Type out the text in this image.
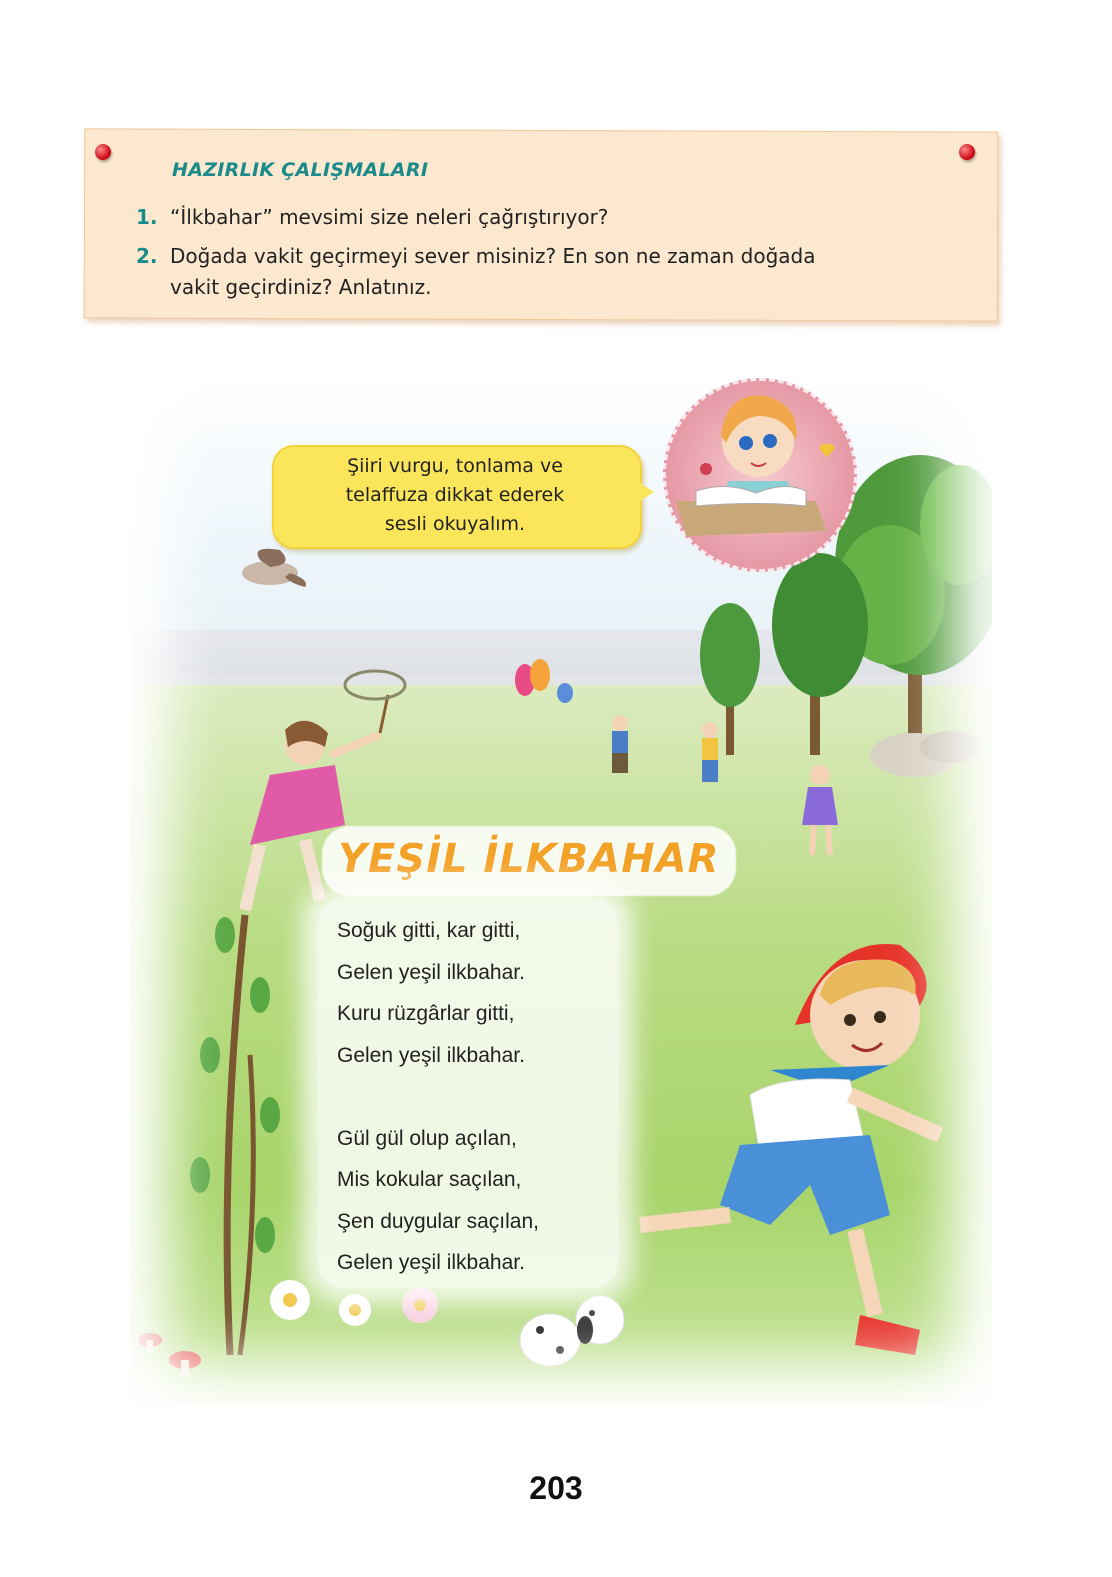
HAZIRLIK ÇALIŞMALARI
1. “İlkbahar” mevsimi size neleri çağrıştırıyor?
2. Doğada vakit geçirmeyi sever misiniz? En son ne zaman doğada
vakit geçirdiniz? Anlatınız.
Şiiri vurgu, tonlama ve
telaffuza dikkat ederek
sesli okuyalım.
YEŞİL İLKBAHAR
Soğuk gitti, kar gitti,
Gelen yeşil ilkbahar.
Kuru rüzgârlar gitti,
Gelen yeşil ilkbahar.
Gül gül olup açılan,
Mis kokular saçılan,
Şen duygular saçılan,
Gelen yeşil ilkbahar.
203
